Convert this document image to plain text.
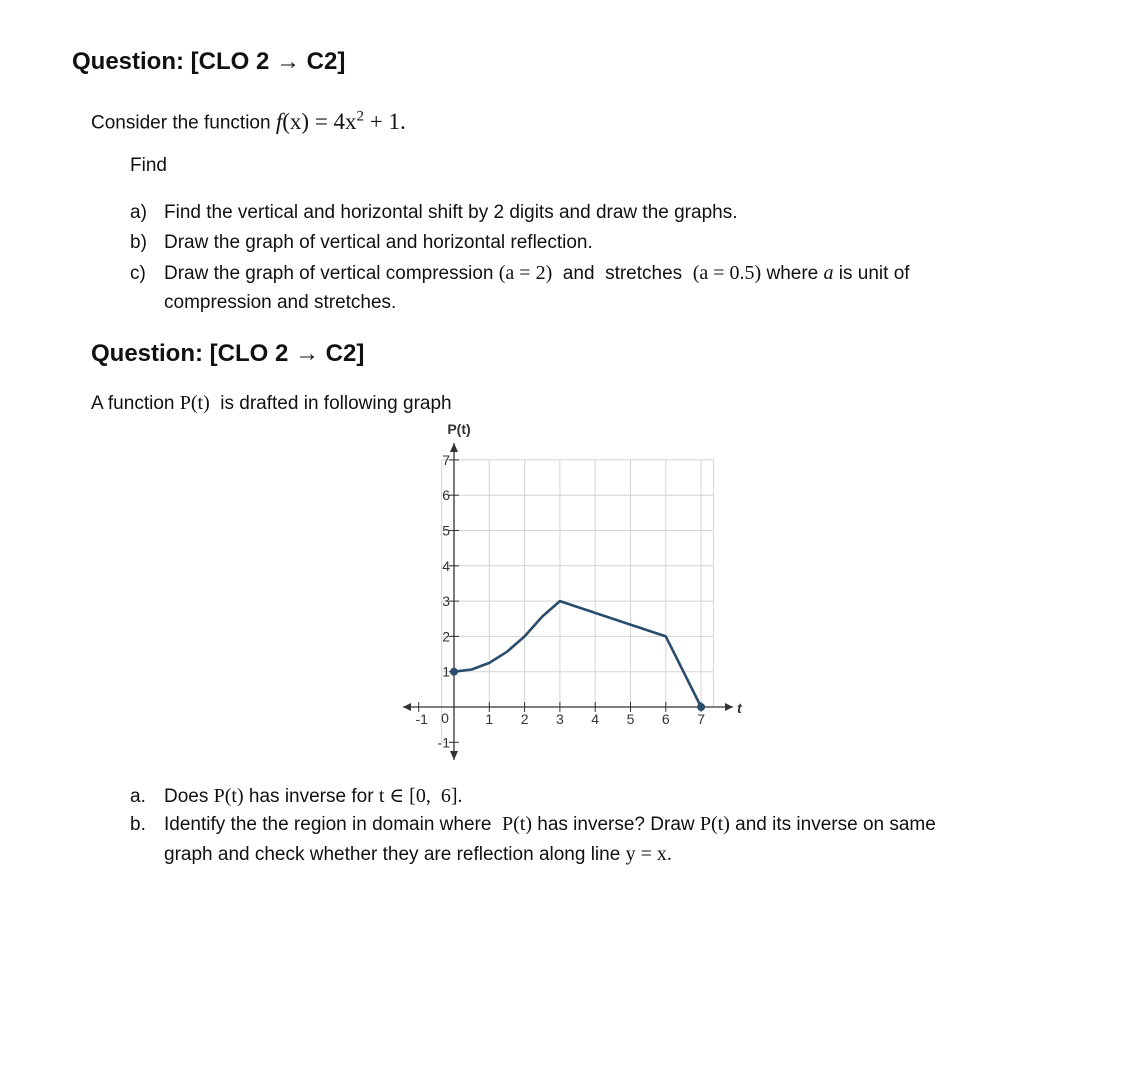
Question: [CLO 2 → C2]
Consider the function $f(x) = 4x^2 + 1$.
Find
a) Find the vertical and horizontal shift by 2 digits and draw the graphs.
b) Draw the graph of vertical and horizontal reflection.
c) Draw the graph of vertical compression (a = 2)  and  stretches  (a = 0.5) where a is unit of
compression and stretches.
Question: [CLO 2 → C2]
A function P(t)  is drafted in following graph
-1	1 2 3 4 5 6 7
7
6
5
4
3
2
1
-1
P(t)
t
0
a. Does P(t) has inverse for t ∈ [0,  6].
b. Identify the the region in domain where  P(t) has inverse? Draw P(t) and its inverse on same
graph and check whether they are reflection along line y = x.
